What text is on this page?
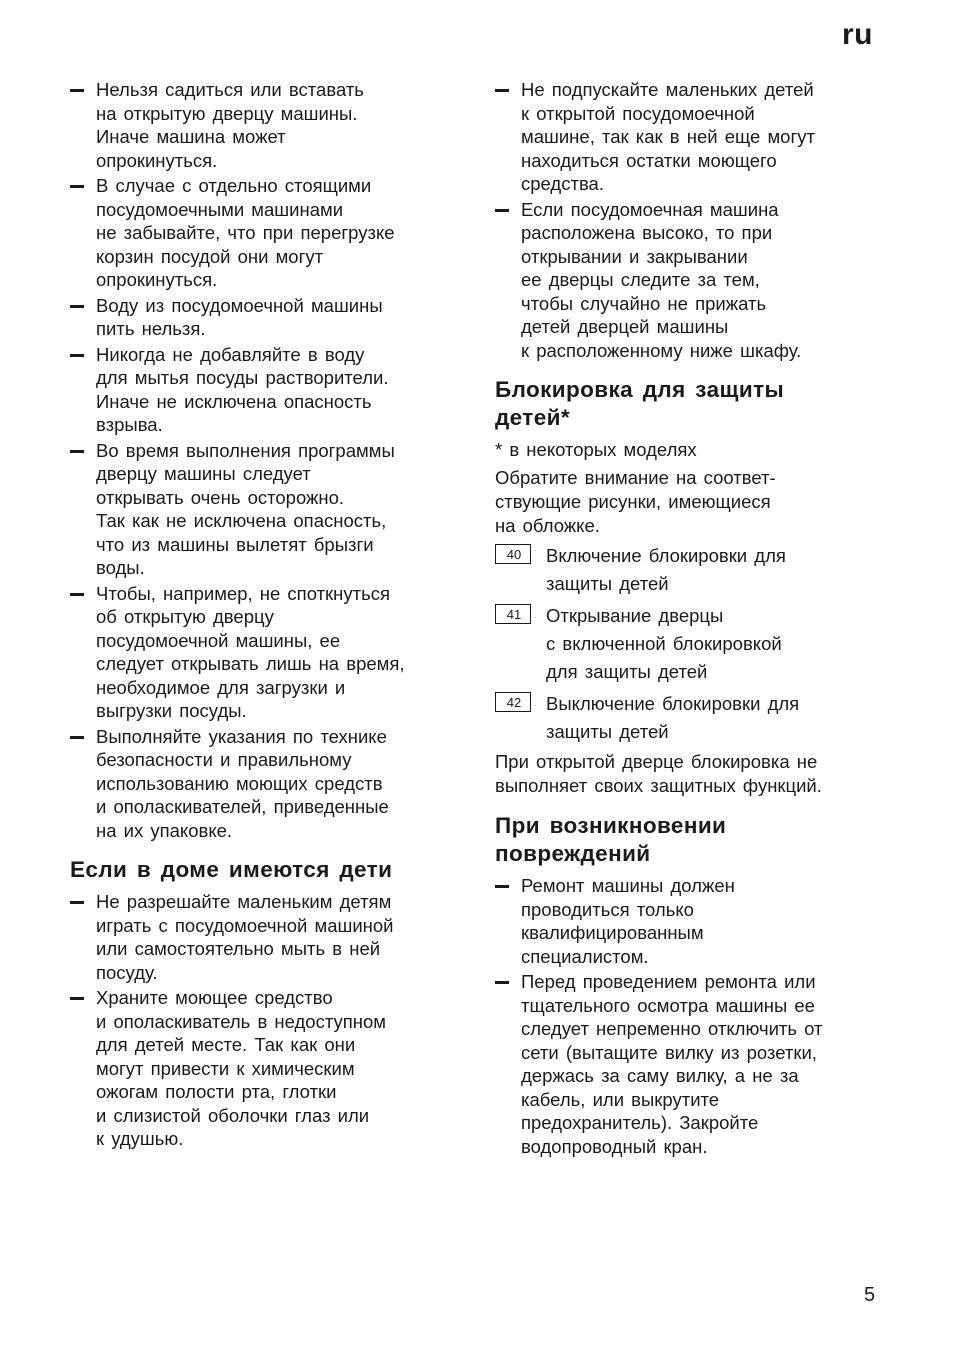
ru
Нельзя садиться или вставать
на открытую дверцу машины.
Иначе машина может
опрокинуться.
В случае с отдельно стоящими
посудомоечными машинами
не забывайте, что при перегрузке
корзин посудой они могут
опрокинуться.
Воду из посудомоечной машины
пить нельзя.
Никогда не добавляйте в воду
для мытья посуды растворители.
Иначе не исключена опасность
взрыва.
Во время выполнения программы
дверцу машины следует
открывать очень осторожно.
Так как не исключена опасность,
что из машины вылетят брызги
воды.
Чтобы, например, не споткнуться
об открытую дверцу
посудомоечной машины, ее
следует открывать лишь на время,
необходимое для загрузки и
выгрузки посуды.
Выполняйте указания по технике
безопасности и правильному
использованию моющих средств
и ополаскивателей, приведенные
на их упаковке.
Если в доме имеются дети
Не разрешайте маленьким детям
играть с посудомоечной машиной
или самостоятельно мыть в ней
посуду.
Храните моющее средство
и ополаскиватель в недоступном
для детей месте. Так как они
могут привести к химическим
ожогам полости рта, глотки
и слизистой оболочки глаз или
к удушью.
Не подпускайте маленьких детей
к открытой посудомоечной
машине, так как в ней еще могут
находиться остатки моющего
средства.
Если посудомоечная машина
расположена высоко, то при
открывании и закрывании
ее дверцы следите за тем,
чтобы случайно не прижать
детей дверцей машины
к расположенному ниже шкафу.
Блокировка для защиты
детей*
* в некоторых моделях
Обратите внимание на соответ-
ствующие рисунки, имеющиеся
на обложке.
40	Включение блокировки для
защиты детей
41	Открывание дверцы
с включенной блокировкой
для защиты детей
42	Выключение блокировки для
защиты детей
При открытой дверце блокировка не
выполняет своих защитных функций.
При возникновении
повреждений
Ремонт машины должен
проводиться только
квалифицированным
специалистом.
Перед проведением ремонта или
тщательного осмотра машины ее
следует непременно отключить от
сети (вытащите вилку из розетки,
держась за саму вилку, а не за
кабель, или выкрутите
предохранитель). Закройте
водопроводный кран.
5
